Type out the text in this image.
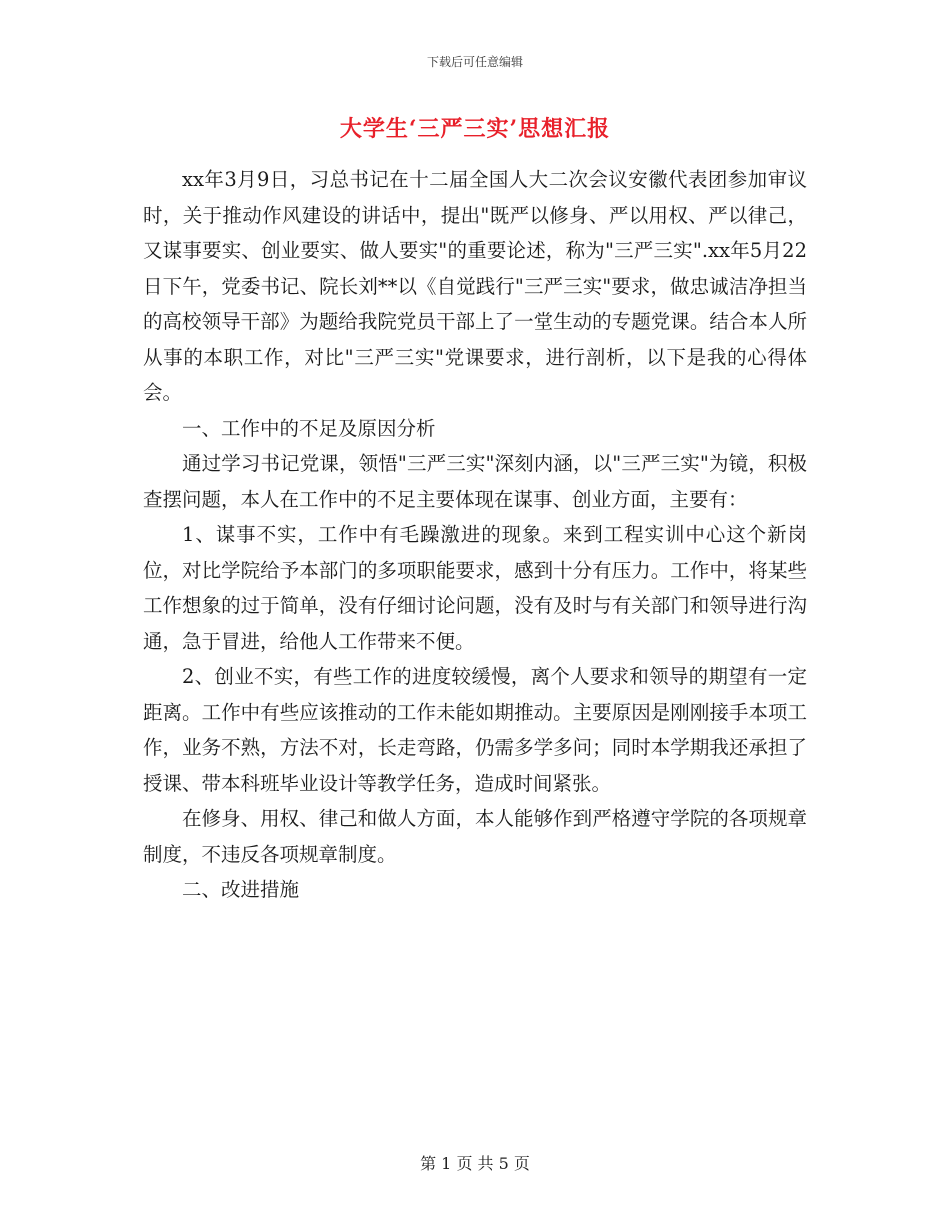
下载后可任意编辑
大学生‘三严三实’思想汇报

xx年3月9日，习总书记在十二届全国人大二次会议安徽代表团参加审议时，关于推动作风建设的讲话中，提出"既严以修身、严以用权、严以律己，又谋事要实、创业要实、做人要实"的重要论述，称为"三严三实".xx年5月22日下午，党委书记、院长刘**以《自觉践行"三严三实"要求，做忠诚洁净担当的高校领导干部》为题给我院党员干部上了一堂生动的专题党课。结合本人所从事的本职工作，对比"三严三实"党课要求，进行剖析，以下是我的心得体会。

一、工作中的不足及原因分析

通过学习书记党课，领悟"三严三实"深刻内涵，以"三严三实"为镜，积极查摆问题，本人在工作中的不足主要体现在谋事、创业方面，主要有：

1、谋事不实，工作中有毛躁激进的现象。来到工程实训中心这个新岗位，对比学院给予本部门的多项职能要求，感到十分有压力。工作中，将某些工作想象的过于简单，没有仔细讨论问题，没有及时与有关部门和领导进行沟通，急于冒进，给他人工作带来不便。

2、创业不实，有些工作的进度较缓慢，离个人要求和领导的期望有一定距离。工作中有些应该推动的工作未能如期推动。主要原因是刚刚接手本项工作，业务不熟，方法不对，长走弯路，仍需多学多问；同时本学期我还承担了授课、带本科班毕业设计等教学任务，造成时间紧张。

在修身、用权、律己和做人方面，本人能够作到严格遵守学院的各项规章制度，不违反各项规章制度。

二、改进措施

第 1 页 共 5 页
